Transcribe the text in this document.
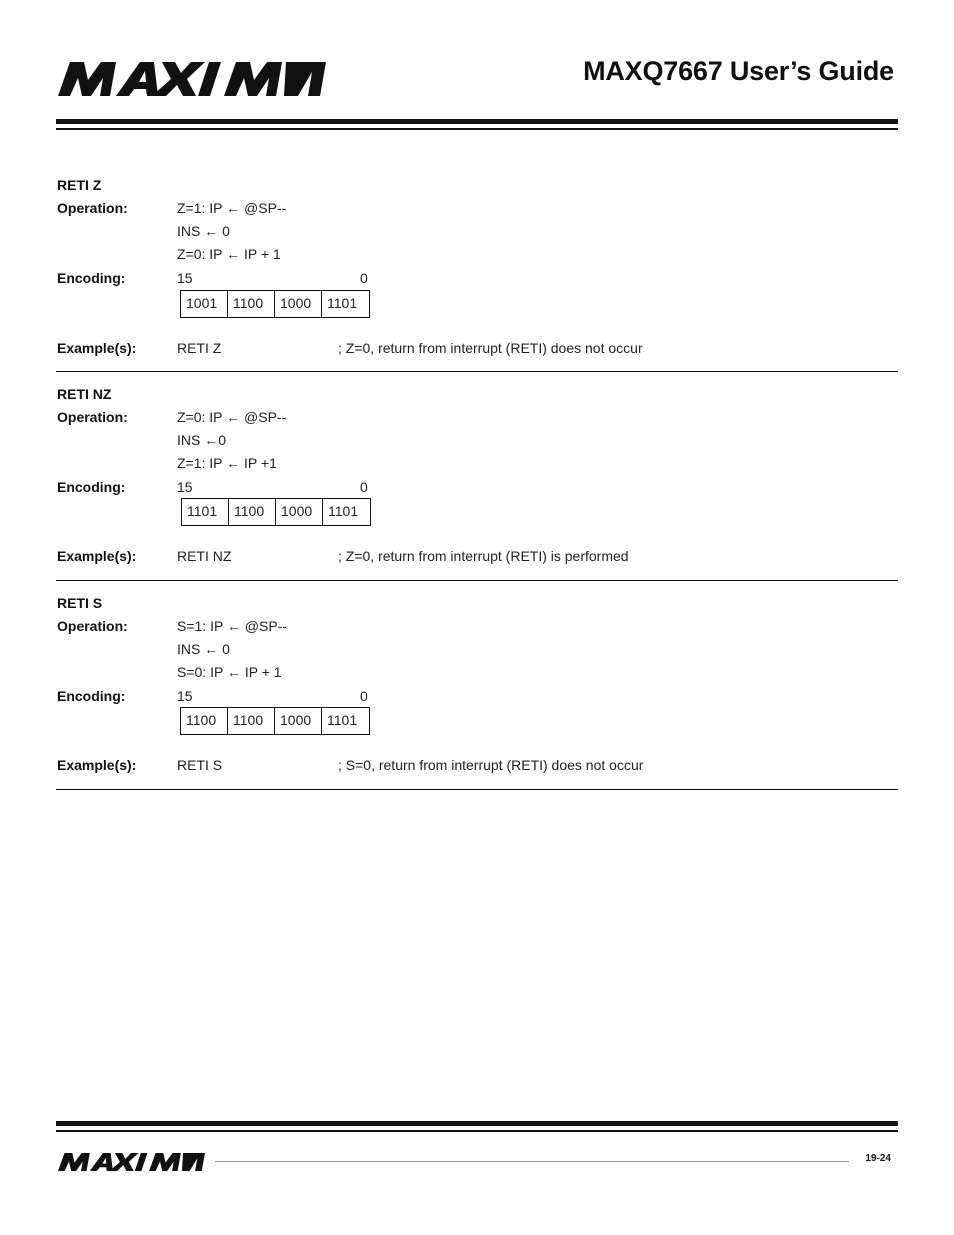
MAXQ7667 User’s Guide
RETI Z
Operation:	Z=1: IP ← @SP--
INS ← 0
Z=0: IP ← IP + 1
Encoding:	15	0
1001	1100	1000	1101
Example(s):	RETI Z	; Z=0, return from interrupt (RETI) does not occur
RETI NZ
Operation:	Z=0: IP ← @SP--
INS ←0
Z=1: IP ← IP +1
Encoding:	15	0
1101	1100	1000	1101
Example(s):	RETI NZ	; Z=0, return from interrupt (RETI) is performed
RETI S
Operation:	S=1: IP ← @SP--
INS ← 0
S=0: IP ← IP + 1
Encoding:	15	0
1100	1100	1000	1101
Example(s):	RETI S	; S=0, return from interrupt (RETI) does not occur
19-24
